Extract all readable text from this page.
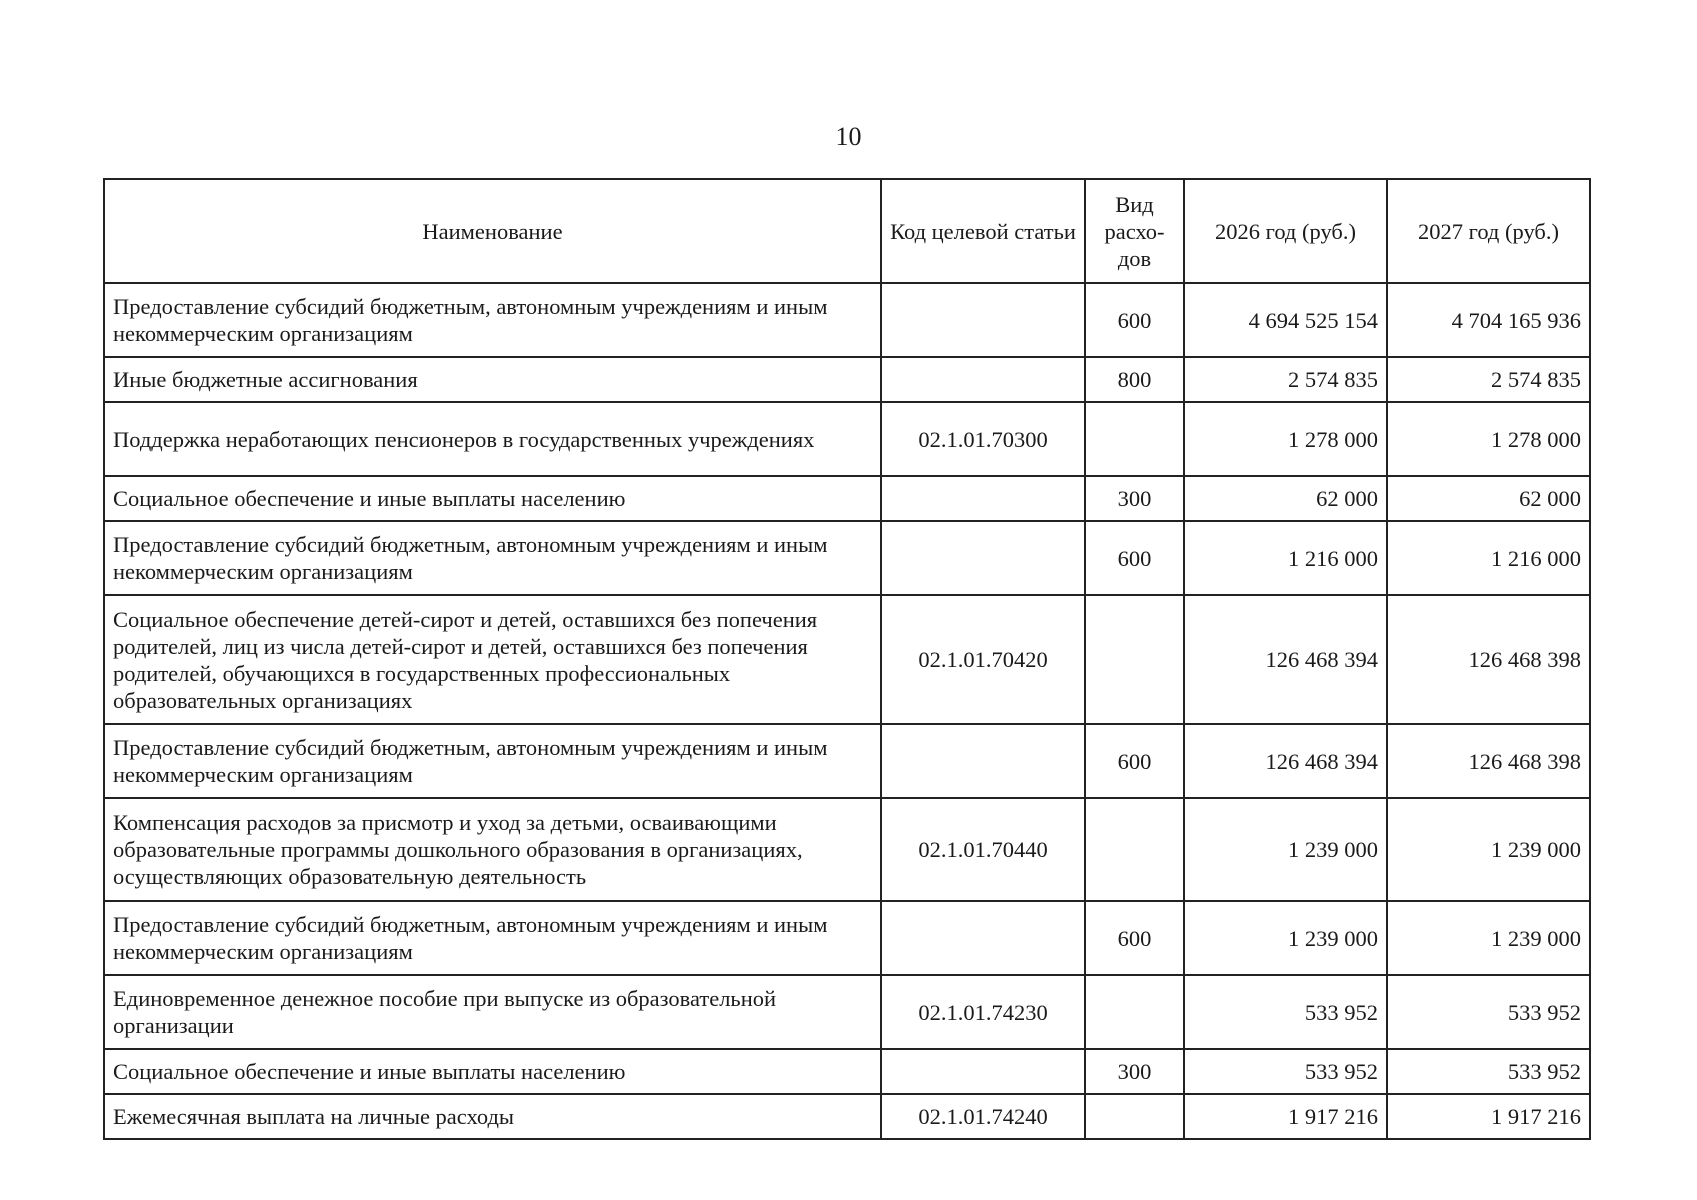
10
Наименование	Код целевой статьи	Вид расхо-дов	2026 год (руб.)	2027 год (руб.)
Предоставление субсидий бюджетным, автономным учреждениям и иным некоммерческим организациям		600	4 694 525 154	4 704 165 936
Иные бюджетные ассигнования		800	2 574 835	2 574 835
Поддержка неработающих пенсионеров в государственных учреждениях	02.1.01.70300		1 278 000	1 278 000
Социальное обеспечение и иные выплаты населению		300	62 000	62 000
Предоставление субсидий бюджетным, автономным учреждениям и иным некоммерческим организациям		600	1 216 000	1 216 000
Социальное обеспечение детей-сирот и детей, оставшихся без попечения родителей, лиц из числа детей-сирот и детей, оставшихся без попечения родителей, обучающихся в государственных профессиональных образовательных организациях	02.1.01.70420		126 468 394	126 468 398
Предоставление субсидий бюджетным, автономным учреждениям и иным некоммерческим организациям		600	126 468 394	126 468 398
Компенсация расходов за присмотр и уход за детьми, осваивающими образовательные программы дошкольного образования в организациях, осуществляющих образовательную деятельность	02.1.01.70440		1 239 000	1 239 000
Предоставление субсидий бюджетным, автономным учреждениям и иным некоммерческим организациям		600	1 239 000	1 239 000
Единовременное денежное пособие при выпуске из образовательной организации	02.1.01.74230		533 952	533 952
Социальное обеспечение и иные выплаты населению		300	533 952	533 952
Ежемесячная выплата на личные расходы	02.1.01.74240		1 917 216	1 917 216
